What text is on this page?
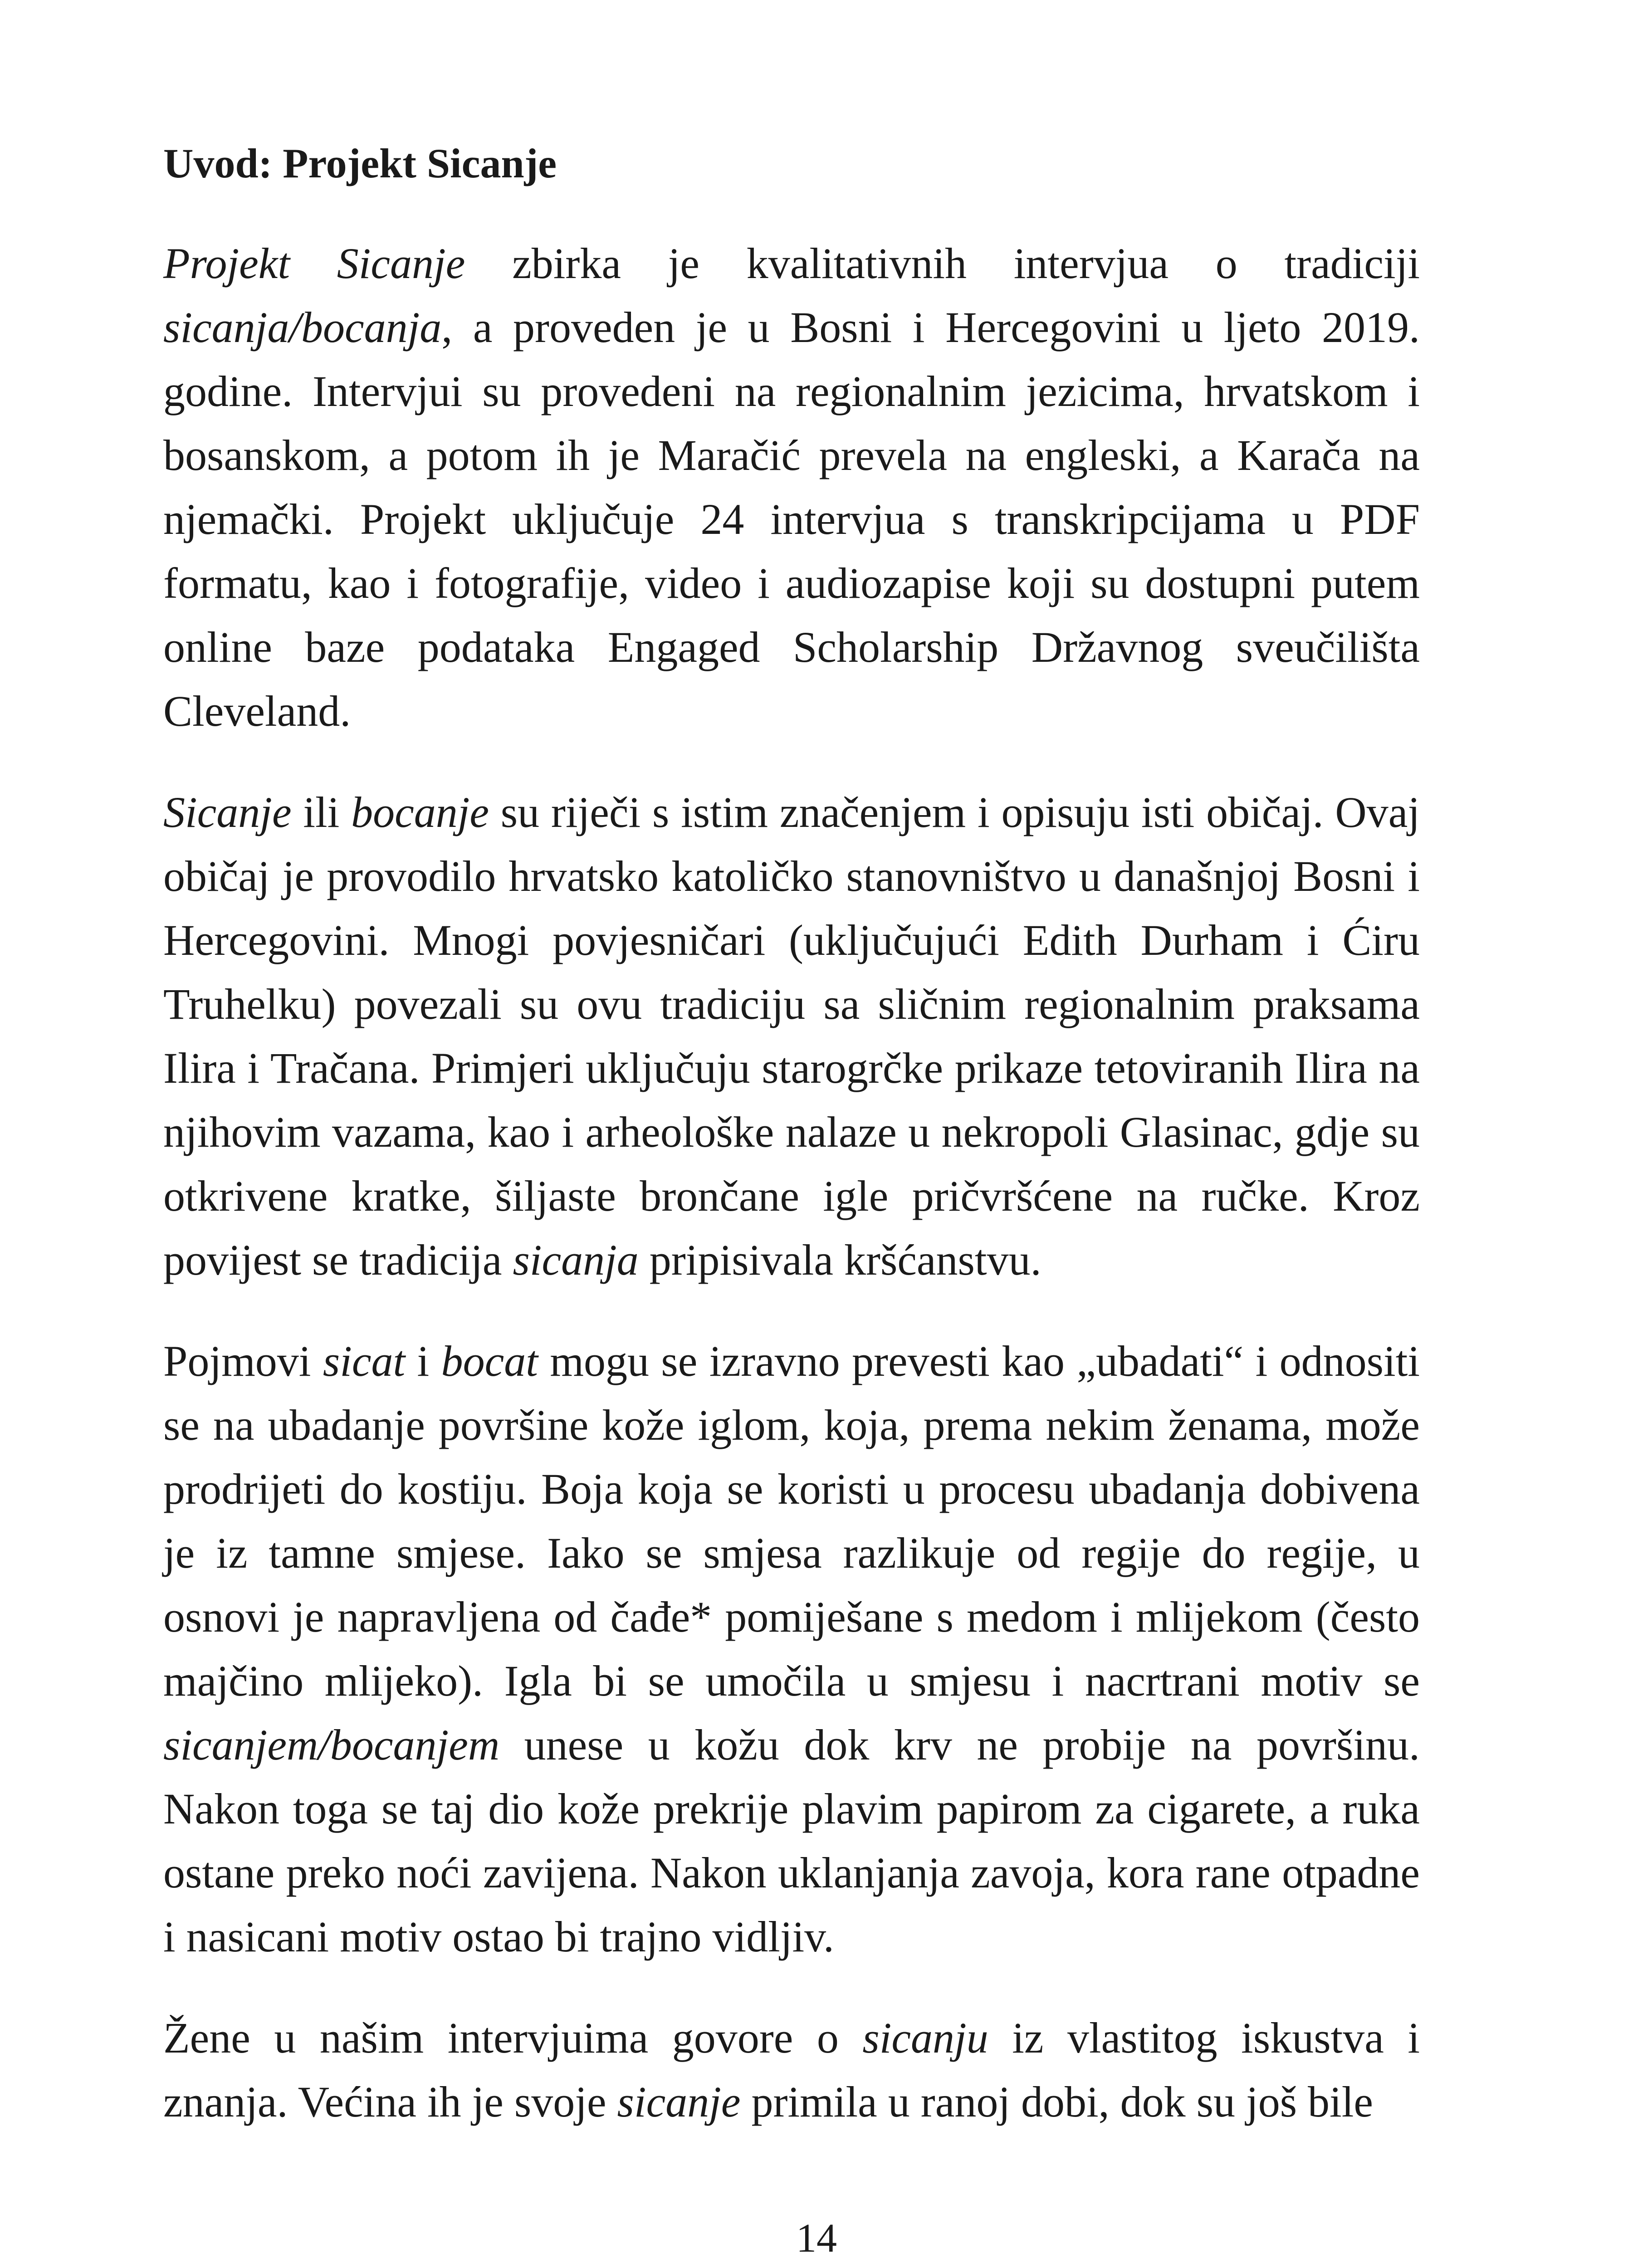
Uvod: Projekt Sicanje

Projekt Sicanje zbirka je kvalitativnih intervjua o tradiciji sicanja/bocanja, a proveden je u Bosni i Hercegovini u ljeto 2019. godine. Intervjui su provedeni na regionalnim jezicima, hrvatskom i bosanskom, a potom ih je Maračić prevela na engleski, a Karača na njemački. Projekt uključuje 24 intervjua s transkripcijama u PDF formatu, kao i fotografije, video i audiozapise koji su dostupni putem online baze podataka Engaged Scholarship Državnog sveučilišta Cleveland.

Sicanje ili bocanje su riječi s istim značenjem i opisuju isti običaj. Ovaj običaj je provodilo hrvatsko katoličko stanovništvo u današnjoj Bosni i Hercegovini. Mnogi povjesničari (uključujući Edith Durham i Ćiru Truhelku) povezali su ovu tradiciju sa sličnim regionalnim praksama Ilira i Tračana. Primjeri uključuju starogrčke prikaze tetoviranih Ilira na njihovim vazama, kao i arheološke nalaze u nekropoli Glasinac, gdje su otkrivene kratke, šiljaste brončane igle pričvršćene na ručke. Kroz povijest se tradicija sicanja pripisivala kršćanstvu.

Pojmovi sicat i bocat mogu se izravno prevesti kao „ubadati“ i odnositi se na ubadanje površine kože iglom, koja, prema nekim ženama, može prodrijeti do kostiju. Boja koja se koristi u procesu ubadanja dobivena je iz tamne smjese. Iako se smjesa razlikuje od regije do regije, u osnovi je napravljena od čađe* pomiješane s medom i mlijekom (često majčino mlijeko). Igla bi se umočila u smjesu i nacrtrani motiv se sicanjem/bocanjem unese u kožu dok krv ne probije na površinu. Nakon toga se taj dio kože prekrije plavim papirom za cigarete, a ruka ostane preko noći zavijena. Nakon uklanjanja zavoja, kora rane otpadne i nasicani motiv ostao bi trajno vidljiv.

Žene u našim intervjuima govore o sicanju iz vlastitog iskustva i znanja. Većina ih je svoje sicanje primila u ranoj dobi, dok su još bile

14
